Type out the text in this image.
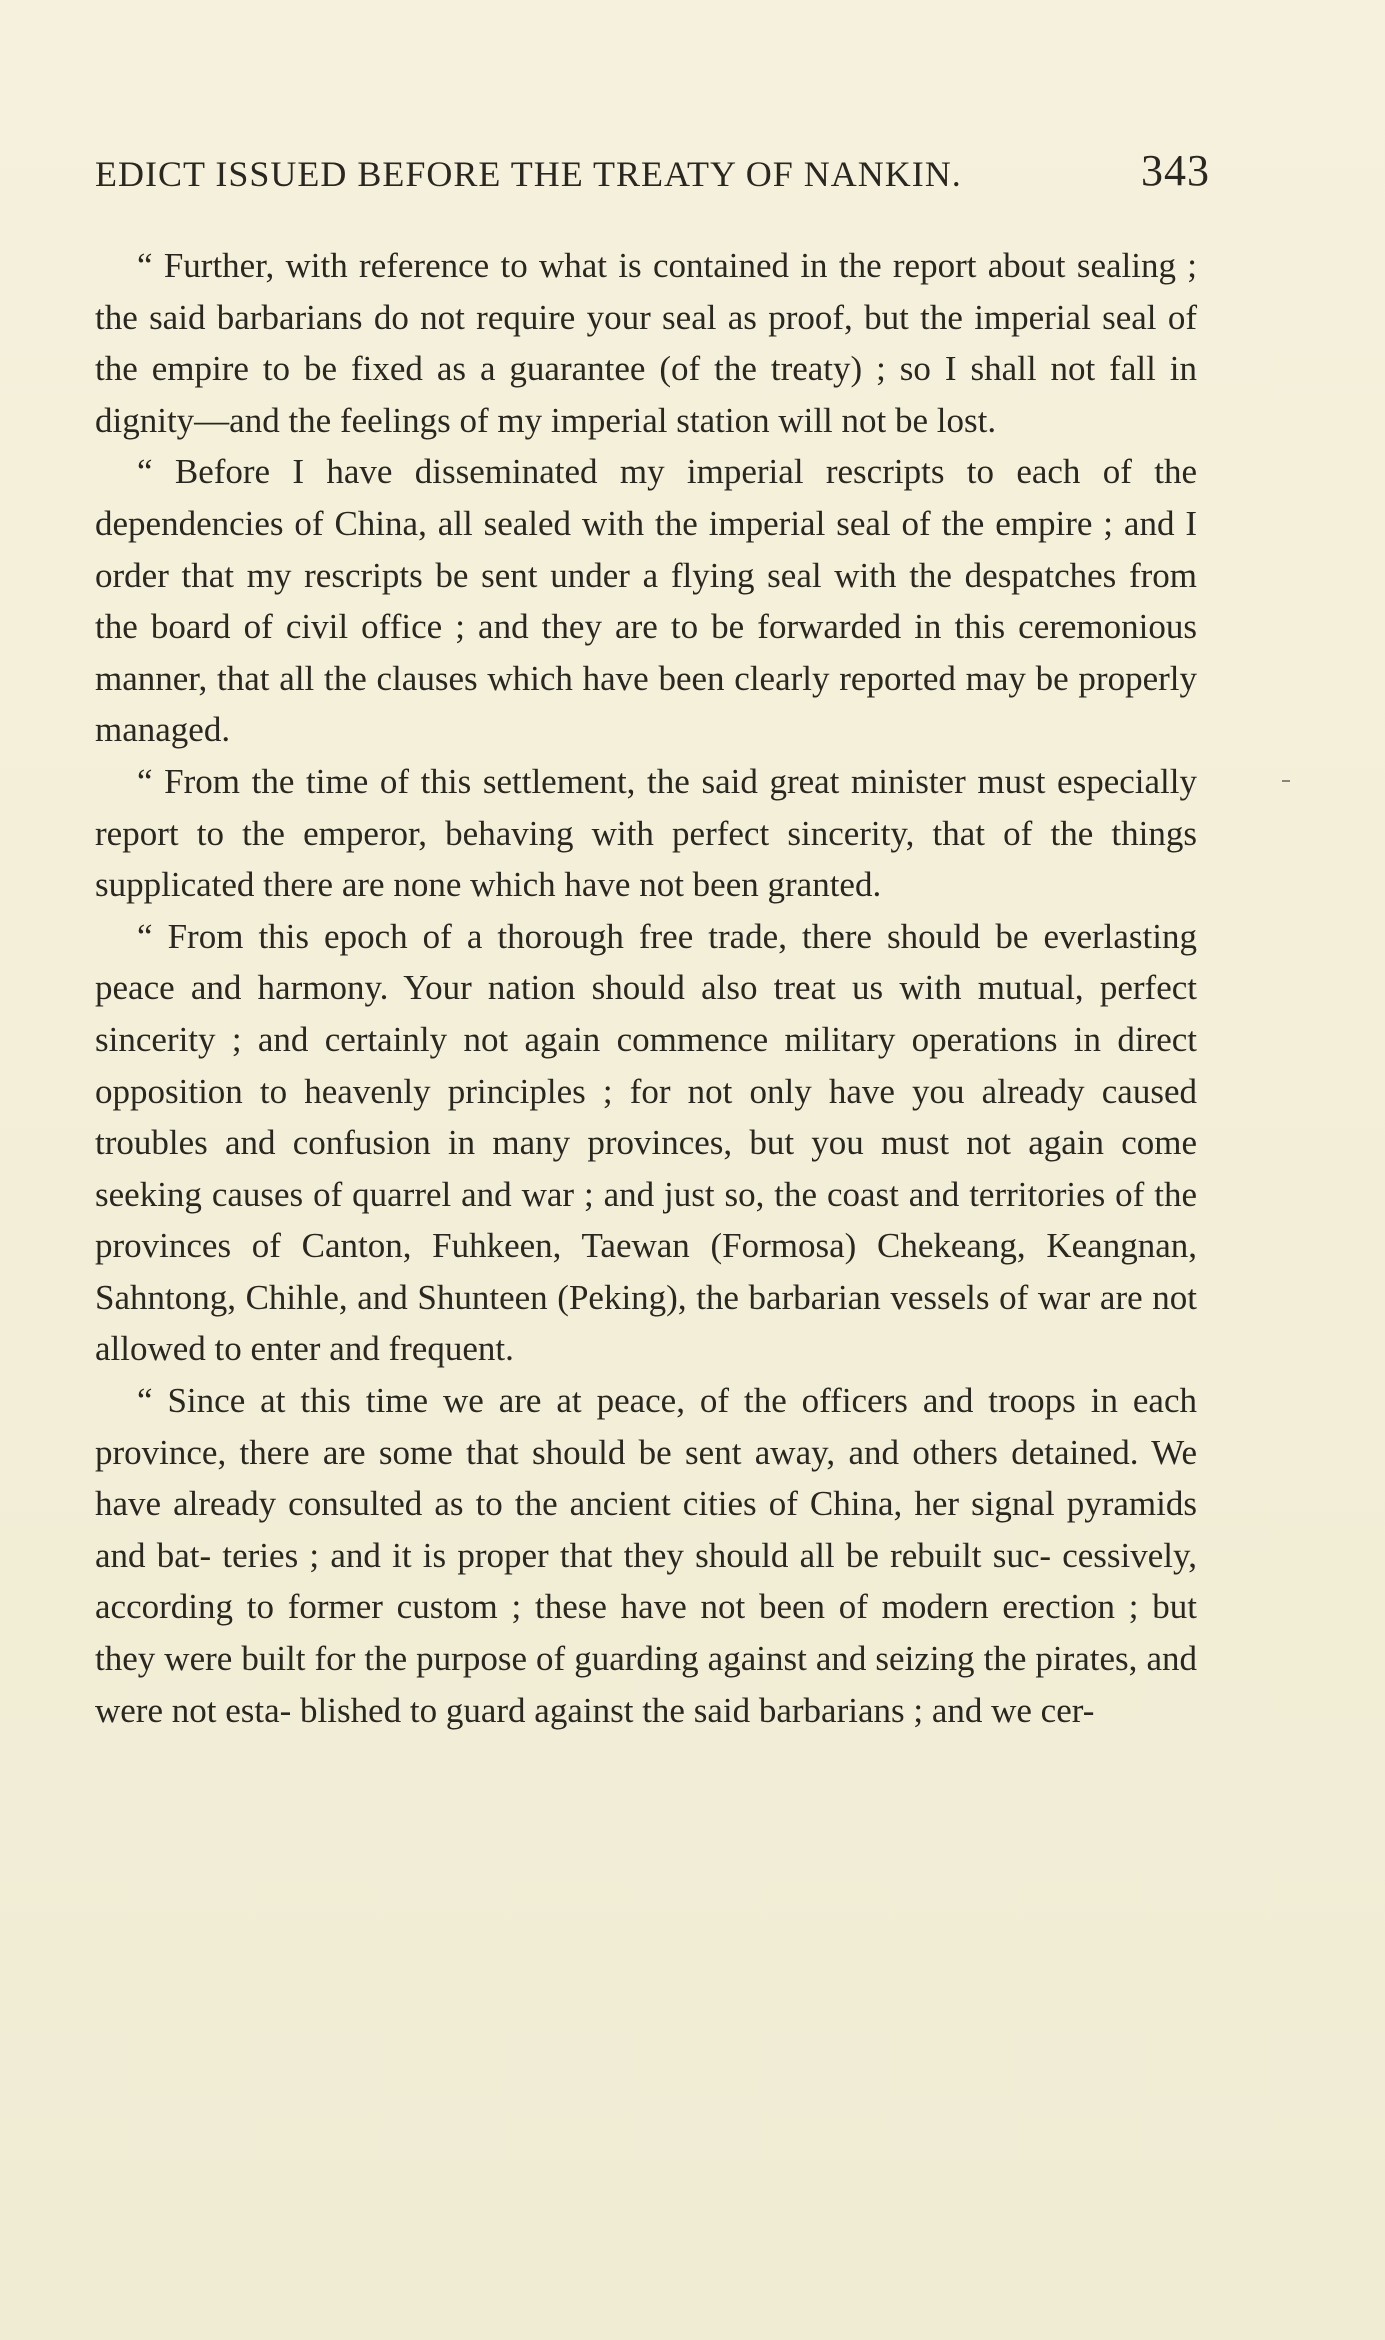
EDICT ISSUED BEFORE THE TREATY OF NANKIN.	343

“ Further, with reference to what is contained in the report about sealing ; the said barbarians do not require your seal as proof, but the imperial seal of the empire to be fixed as a guarantee (of the treaty) ; so I shall not fall in dignity—and the feelings of my imperial station will not be lost.

“ Before I have disseminated my imperial rescripts to each of the dependencies of China, all sealed with the imperial seal of the empire ; and I order that my rescripts be sent under a flying seal with the despatches from the board of civil office ; and they are to be forwarded in this ceremonious manner, that all the clauses which have been clearly reported may be properly managed.

“ From the time of this settlement, the said great minister must especially report to the emperor, behaving with perfect sincerity, that of the things supplicated there are none which have not been granted.

“ From this epoch of a thorough free trade, there should be everlasting peace and harmony. Your nation should also treat us with mutual, perfect sincerity ; and certainly not again commence military operations in direct opposition to heavenly principles ; for not only have you already caused troubles and confusion in many provinces, but you must not again come seeking causes of quarrel and war ; and just so, the coast and territories of the provinces of Canton, Fuhkeen, Taewan (Formosa) Chekeang, Keangnan, Sahntong, Chihle, and Shunteen (Peking), the barbarian vessels of war are not allowed to enter and frequent.

“ Since at this time we are at peace, of the officers and troops in each province, there are some that should be sent away, and others detained. We have already consulted as to the ancient cities of China, her signal pyramids and bat- teries ; and it is proper that they should all be rebuilt suc- cessively, according to former custom ; these have not been of modern erection ; but they were built for the purpose of guarding against and seizing the pirates, and were not esta- blished to guard against the said barbarians ; and we cer-
